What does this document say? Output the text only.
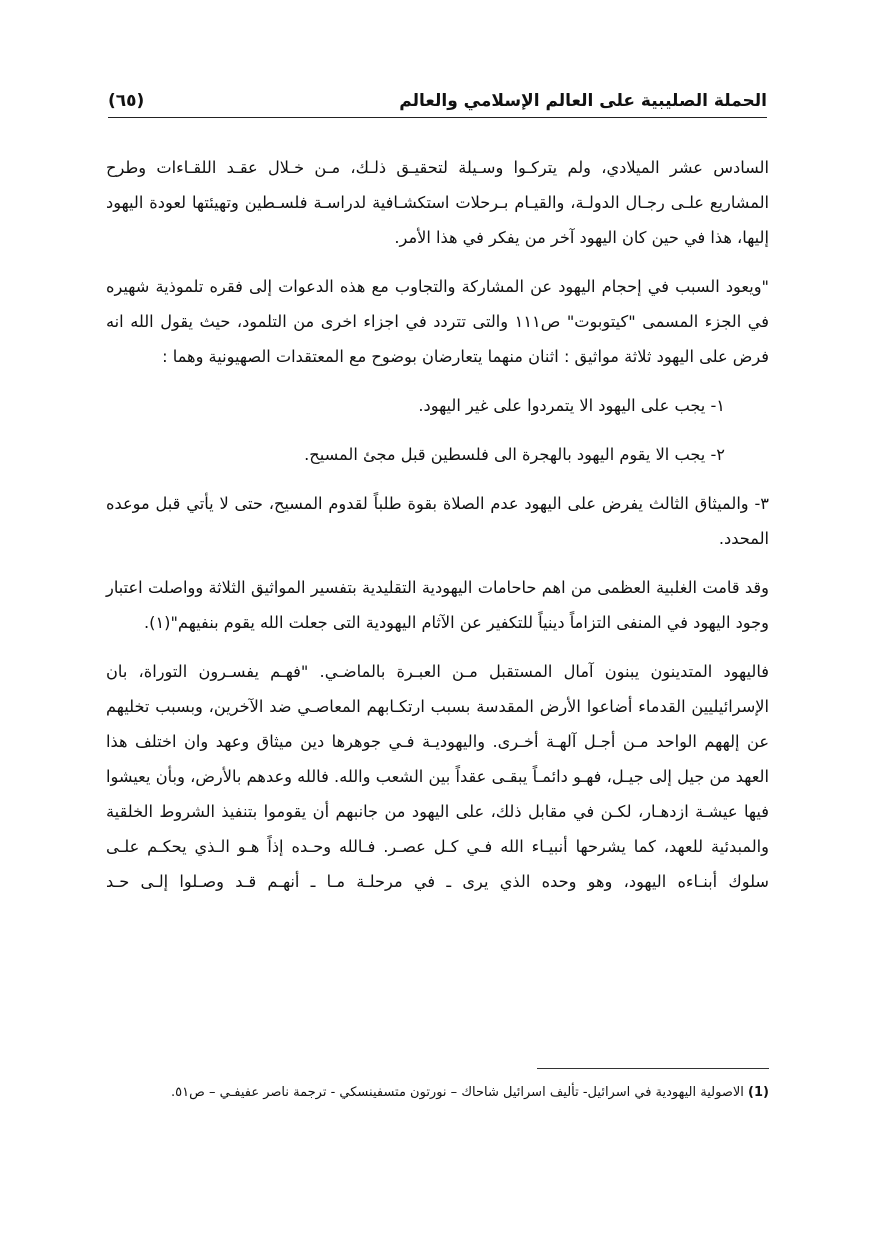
الحملة الصليبية على العالم الإسلامي والعالم
(٦٥)

السادس عشر الميلادي، ولم يتركـوا وسـيلة لتحقيـق ذلـك، مـن خـلال عقـد اللقـاءات وطرح المشاريع علـى رجـال الدولـة، والقيـام بـرحلات استكشـافية لدراسـة فلسـطين وتهيئتها لعودة اليهود إليها، هذا في حين كان اليهود آخر من يفكر في هذا الأمر.

"ويعود السبب في إحجام اليهود عن المشاركة والتجاوب مع هذه الدعوات إلى فقره تلموذية شهيره في الجزء المسمى "كيتوبوت" ص١١١ والتى تتردد في اجزاء اخرى من التلمود، حيث يقول الله انه فرض على اليهود ثلاثة مواثيق : اثنان منهما يتعارضان بوضوح مع المعتقدات الصهيونية وهما :

١- يجب على اليهود الا يتمردوا على غير اليهود.

٢- يجب الا يقوم اليهود بالهجرة الى فلسطين قبل مجئ المسيح.

٣- والميثاق الثالث يفرض على اليهود عدم الصلاة بقوة طلباً لقدوم المسيح، حتى لا يأتي قبل موعده المحدد.

وقد قامت الغلبية العظمى من اهم حاحامات اليهودية التقليدية بتفسير المواثيق الثلاثة وواصلت اعتبار وجود اليهود في المنفى التزاماً دينياً للتكفير عن الآثام اليهودية التى جعلت الله يقوم بنفيهم"(١).

فاليهود المتدينون يبنون آمال المستقبل مـن العبـرة بالماضـي. "فهـم يفسـرون التوراة، بان الإسرائيليين القدماء أضاعوا الأرض المقدسة بسبب ارتكـابهم المعاصـي ضد الآخرين، وبسبب تخليهم عن إلههم الواحد مـن أجـل آلهـة أخـرى. واليهوديـة فـي جوهرها دين ميثاق وعهد وان اختلف هذا العهد من جيل إلى جيـل، فهـو دائمـاً يبقـى عقداً بين الشعب والله. فالله وعدهم بالأرض، وبأن يعيشوا فيها عيشـة ازدهـار، لكـن في مقابل ذلك، على اليهود من جانبهم أن يقوموا بتنفيذ الشروط الخلقية والمبدئية للعهد، كما يشرحها أنبيـاء الله فـي كـل عصـر. فـالله وحـده إذاً هـو الـذي يحكـم علـى سلوك أبنـاءه اليهود، وهو وحده الذي يرى ـ في مرحلـة مـا ـ أنهـم قـد وصـلوا إلـى حـد

(1) الاصولية اليهودية في اسرائيل- تأليف اسرائيل شاحاك – نورتون متسفينسكي - ترجمة ناصر عفيفـي – ص٥١.
